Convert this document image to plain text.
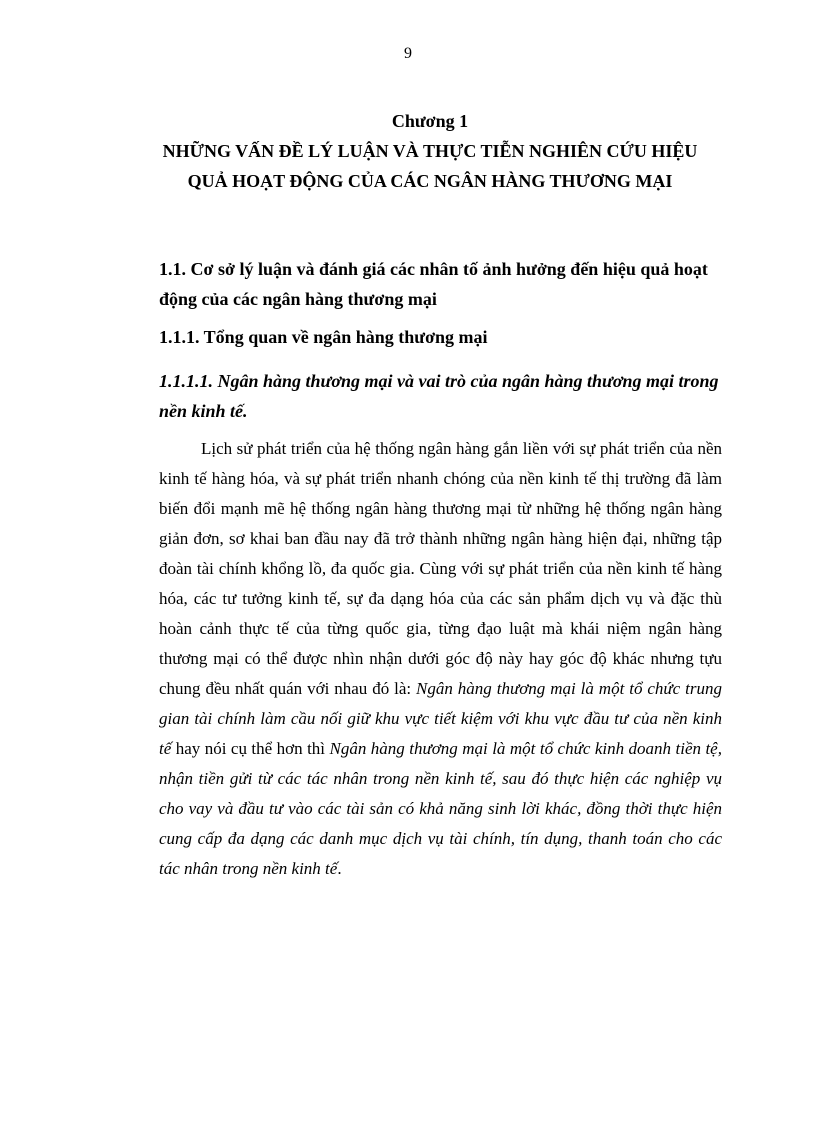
9
Chương 1
NHỮNG VẤN ĐỀ LÝ LUẬN VÀ THỰC TIỄN NGHIÊN CỨU HIỆU
QUẢ HOẠT ĐỘNG CỦA CÁC NGÂN HÀNG THƯƠNG MẠI
1.1. Cơ sở lý luận và đánh giá các nhân tố ảnh hưởng đến hiệu quả hoạt động của các ngân hàng thương mại
1.1.1. Tổng quan về ngân hàng thương mại
1.1.1.1. Ngân hàng thương mại và vai trò của ngân hàng thương mại trong nền kinh tế.

Lịch sử phát triển của hệ thống ngân hàng gắn liền với sự phát triển của nền kinh tế hàng hóa, và sự phát triển nhanh chóng của nền kinh tế thị trường đã làm biến đổi mạnh mẽ hệ thống ngân hàng thương mại từ những hệ thống ngân hàng giản đơn, sơ khai ban đầu nay đã trở thành những ngân hàng hiện đại, những tập đoàn tài chính khổng lồ, đa quốc gia. Cùng với sự phát triển của nền kinh tế hàng hóa, các tư tưởng kinh tế, sự đa dạng hóa của các sản phẩm dịch vụ và đặc thù hoàn cảnh thực tế của từng quốc gia, từng đạo luật mà khái niệm ngân hàng thương mại có thể được nhìn nhận dưới góc độ này hay góc độ khác nhưng tựu chung đều nhất quán với nhau đó là: Ngân hàng thương mại là một tổ chức trung gian tài chính làm cầu nối giữ khu vực tiết kiệm với khu vực đầu tư của nền kinh tế hay nói cụ thể hơn thì Ngân hàng thương mại là một tổ chức kinh doanh tiền tệ, nhận tiền gửi từ các tác nhân trong nền kinh tế, sau đó thực hiện các nghiệp vụ cho vay và đầu tư vào các tài sản có khả năng sinh lời khác, đồng thời thực hiện cung cấp đa dạng các danh mục dịch vụ tài chính, tín dụng, thanh toán cho các tác nhân trong nền kinh tế.
